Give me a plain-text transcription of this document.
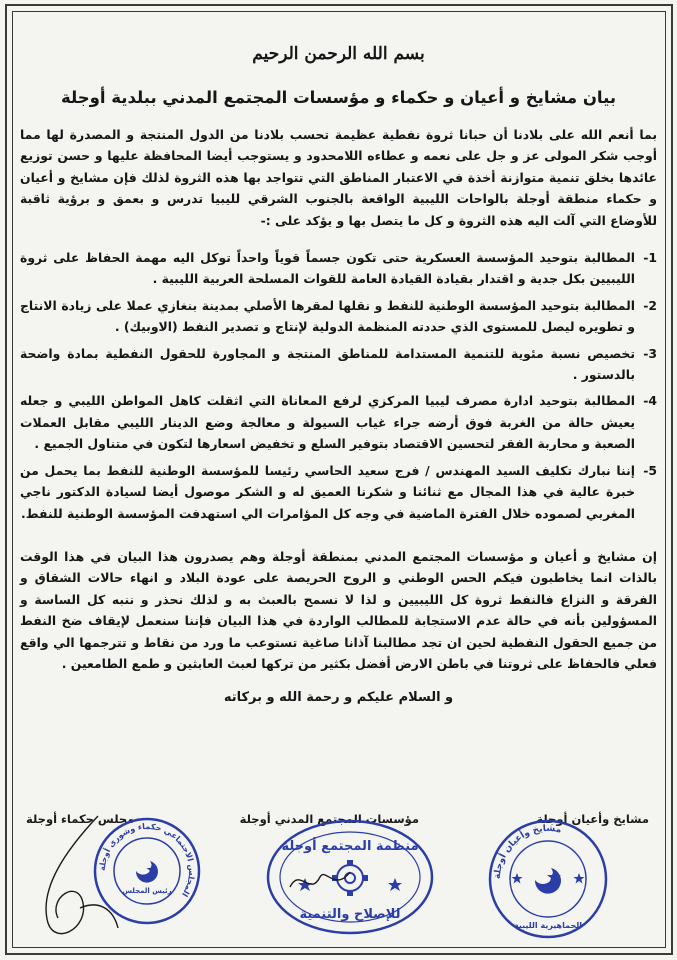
بسم الله الرحمن الرحيم

بيان مشايخ و أعيان و حكماء و مؤسسات المجتمع المدني ببلدية أوجلة

بما أنعم الله على بلادنا أن حبانا ثروة نفطية عظيمة تحسب بلادنا من الدول المنتجة و المصدرة لها مما أوجب شكر المولى عز و جل على نعمه و عطاءه اللامحدود و يستوجب أيضا المحافظة عليها و حسن توزيع عائدها بخلق تنمية متوازنة أخذة في الاعتبار المناطق التي تتواجد بها هذه الثروة لذلك فإن مشايخ و أعيان و حكماء منطقة أوجلة بالواحات الليبية الواقعة بالجنوب الشرقي لليبيا تدرس و بعمق و برؤية ثاقبة للأوضاع التي آلت اليه هذه الثروة و كل ما يتصل بها و يؤكد على :-

-1
المطالبة بتوحيد المؤسسة العسكرية حتى تكون جسماً قوياً واحداً توكل اليه مهمة الحفاظ على ثروة الليبيين بكل جدية و اقتدار بقيادة القيادة العامة للقوات المسلحة العربية الليبية .
-2
المطالبة بتوحيد المؤسسة الوطنية للنفط و نقلها لمقرها الأصلي بمدينة بنغازي عملا على زيادة الانتاج و تطويره ليصل للمستوى الذي حددته المنظمة الدولية لإنتاج و تصدير النفط (الاوبيك) .
-3
تخصيص نسبة مئوية للتنمية المستدامة للمناطق المنتجة و المجاورة للحقول النفطية بمادة واضحة بالدستور .
-4
المطالبة بتوحيد ادارة مصرف ليبيا المركزي لرفع المعاناة التي اثقلت كاهل المواطن الليبي و جعله يعيش حالة من الغربة فوق أرضه جراء غياب السيولة و معالجة وضع الدينار الليبي مقابل العملات الصعبة و محاربة الفقر لتحسين الاقتصاد بتوفير السلع و تخفيض اسعارها لتكون في متناول الجميع .
-5
إننا نبارك تكليف السيد المهندس / فرج سعيد الحاسي رئيسا للمؤسسة الوطنية للنفط بما يحمل من خبرة عالية في هذا المجال مع ثنائنا و شكرنا العميق له و الشكر موصول أيضا لسيادة الدكتور ناجي المغربي لصموده خلال الفترة الماضية في وجه كل المؤامرات الي استهدفت المؤسسة الوطنية للنفط.

إن مشايخ و أعيان و مؤسسات المجتمع المدني بمنطقة أوجلة وهم يصدرون هذا البيان في هذا الوقت بالذات انما يخاطبون فيكم الحس الوطني و الروح الحريصة على عودة البلاد و انهاء حالات الشقاق و الفرقة و النزاع فالنفط ثروة كل الليبيين و لذا لا نسمح بالعبث به و لذلك نحذر و ننبه كل الساسة و المسؤولين بأنه في حالة عدم الاستجابة للمطالب الواردة في هذا البيان فإننا سنعمل لإيقاف ضخ النفط من جميع الحقول النفطية لحين ان تجد مطالبنا آذانا صاغية تستوعب ما ورد من نقاط و تترجمها الي واقع فعلي فالحفاظ على ثروتنا في باطن الارض أفضل بكثير من تركها لعبث العابثين و طمع الطامعين .

و السلام عليكم و رحمة الله و بركاته

مشايخ وأعيان أوجلة
مؤسسات المجتمع المدني أوجلة
مجلس حكماء أوجلة
المجلس الاجتماعي حكماء وشورى أوجلة
رئيس المجلس
منظمة المجتمع أوجلة
للإصلاح والتنمية
مشايخ وأعيان أوجلة
الجماهيرية الليبية
